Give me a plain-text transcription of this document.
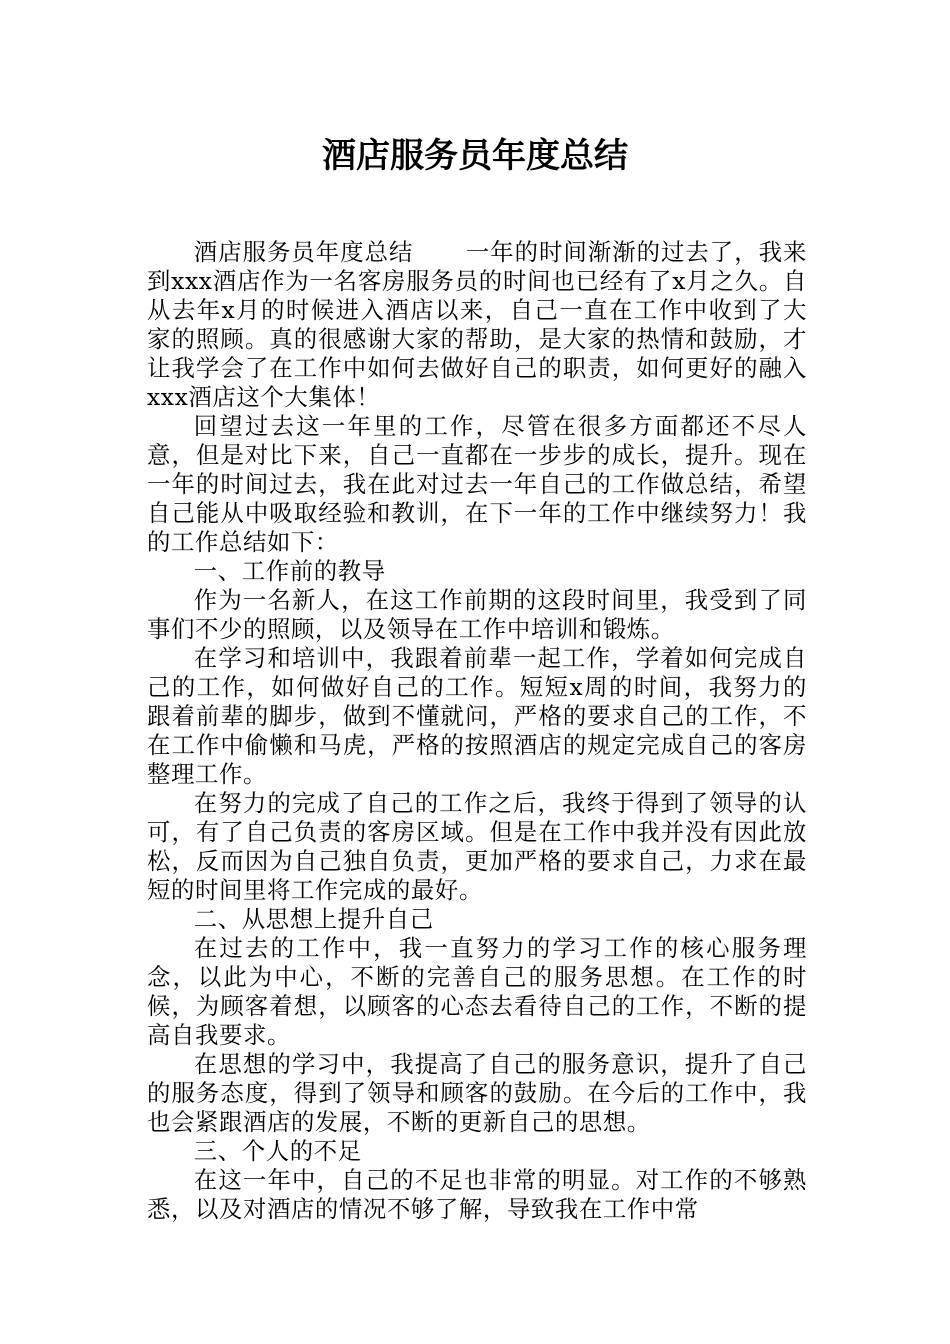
酒店服务员年度总结

酒店服务员年度总结 一年的时间渐渐的过去了，我来到xxx酒店作为一名客房服务员的时间也已经有了x月之久。自从去年x月的时候进入酒店以来，自己一直在工作中收到了大家的照顾。真的很感谢大家的帮助，是大家的热情和鼓励，才让我学会了在工作中如何去做好自己的职责，如何更好的融入xxx酒店这个大集体！

回望过去这一年里的工作，尽管在很多方面都还不尽人意，但是对比下来，自己一直都在一步步的成长，提升。现在一年的时间过去，我在此对过去一年自己的工作做总结，希望自己能从中吸取经验和教训，在下一年的工作中继续努力！我的工作总结如下：

一、工作前的教导

作为一名新人，在这工作前期的这段时间里，我受到了同事们不少的照顾，以及领导在工作中培训和锻炼。

在学习和培训中，我跟着前辈一起工作，学着如何完成自己的工作，如何做好自己的工作。短短x周的时间，我努力的跟着前辈的脚步，做到不懂就问，严格的要求自己的工作，不在工作中偷懒和马虎，严格的按照酒店的规定完成自己的客房整理工作。

在努力的完成了自己的工作之后，我终于得到了领导的认可，有了自己负责的客房区域。但是在工作中我并没有因此放松，反而因为自己独自负责，更加严格的要求自己，力求在最短的时间里将工作完成的最好。

二、从思想上提升自己

在过去的工作中，我一直努力的学习工作的核心服务理念，以此为中心，不断的完善自己的服务思想。在工作的时候，为顾客着想，以顾客的心态去看待自己的工作，不断的提高自我要求。

在思想的学习中，我提高了自己的服务意识，提升了自己的服务态度，得到了领导和顾客的鼓励。在今后的工作中，我也会紧跟酒店的发展，不断的更新自己的思想。

三、个人的不足

在这一年中，自己的不足也非常的明显。对工作的不够熟悉，以及对酒店的情况不够了解，导致我在工作中常
